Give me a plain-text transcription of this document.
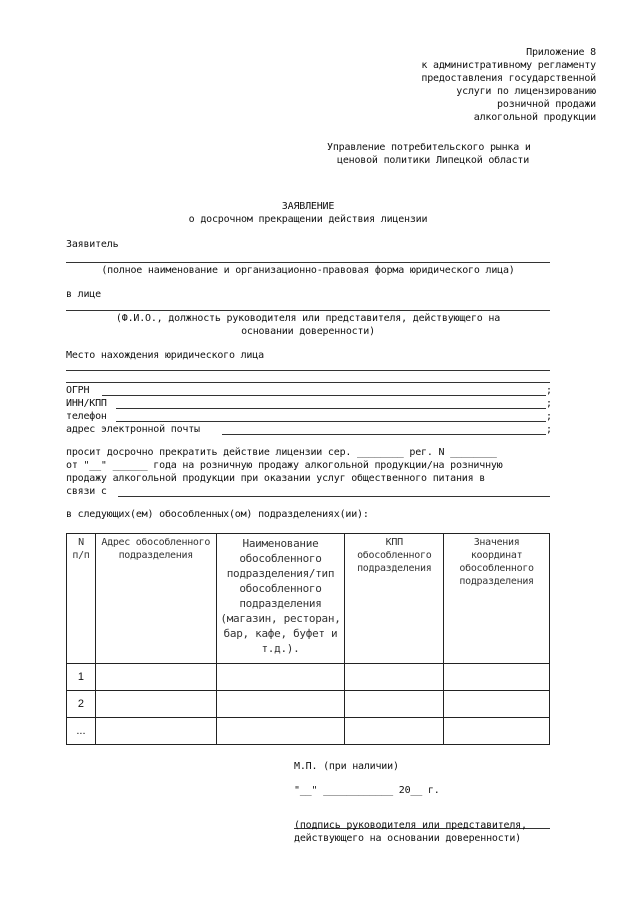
Приложение 8
к административному регламенту
предоставления государственной
услуги по лицензированию
розничной продажи
алкогольной продукции
Управление потребительского рынка и
ценовой политики Липецкой области
ЗАЯВЛЕНИЕ
о досрочном прекращении действия лицензии
Заявитель
(полное наименование и организационно-правовая форма юридического лица)
в лице
(Ф.И.О., должность руководителя или представителя, действующего на
основании доверенности)
Место нахождения юридического лица
ОГРН	;
ИНН/КПП	;
телефон	;
адрес электронной почты	;
просит досрочно прекратить действие лицензии сер. ________ рег. N ________
от "__" ______ года на розничную продажу алкогольной продукции/на розничную
продажу алкогольной продукции при оказании услуг общественного питания в
связи с
в следующих(ем) обособленных(ом) подразделениях(ии):
N п/п	Адрес обособленного подразделения	Наименование обособленного подразделения/тип обособленного подразделения (магазин, ресторан, бар, кафе, буфет и т.д.).	КПП обособленного подразделения	Значения координат обособленного подразделения
1				
2				
...				
М.П. (при наличии)
"__" ____________ 20__ г.
(подпись руководителя или представителя,
действующего на основании доверенности)
